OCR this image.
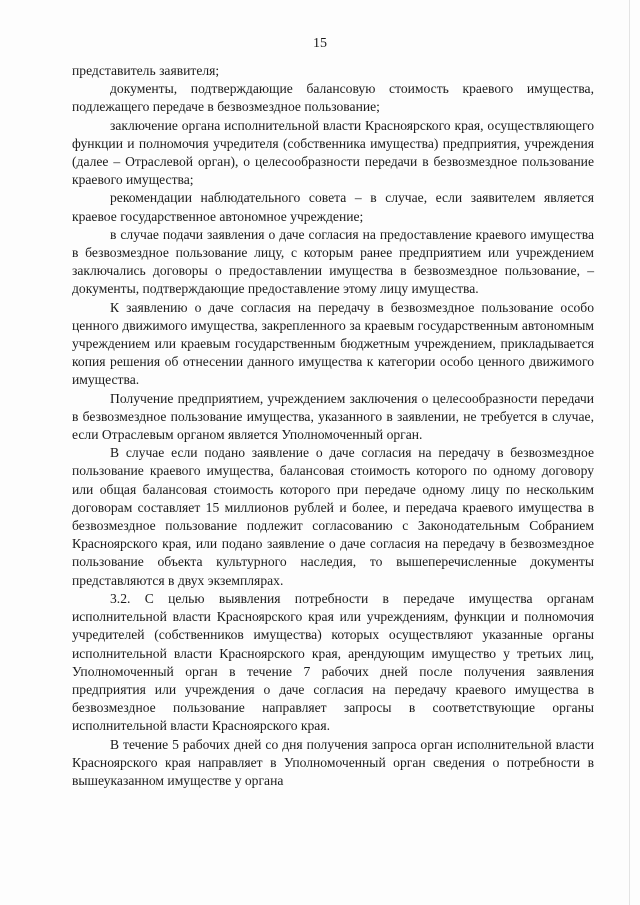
15

представитель заявителя;

документы, подтверждающие балансовую стоимость краевого имущества, подлежащего передаче в безвозмездное пользование;

заключение органа исполнительной власти Красноярского края, осуществляющего функции и полномочия учредителя (собственника имущества) предприятия, учреждения (далее – Отраслевой орган), о целесообразности передачи в безвозмездное пользование краевого имущества;

рекомендации наблюдательного совета – в случае, если заявителем является краевое государственное автономное учреждение;

в случае подачи заявления о даче согласия на предоставление краевого имущества в безвозмездное пользование лицу, с которым ранее предприятием или учреждением заключались договоры о предоставлении имущества в безвозмездное пользование, – документы, подтверждающие предоставление этому лицу имущества.

К заявлению о даче согласия на передачу в безвозмездное пользование особо ценного движимого имущества, закрепленного за краевым государственным автономным учреждением или краевым государственным бюджетным учреждением, прикладывается копия решения об отнесении данного имущества к категории особо ценного движимого имущества.

Получение предприятием, учреждением заключения о целесообразности передачи в безвозмездное пользование имущества, указанного в заявлении, не требуется в случае, если Отраслевым органом является Уполномоченный орган.

В случае если подано заявление о даче согласия на передачу в безвозмездное пользование краевого имущества, балансовая стоимость которого по одному договору или общая балансовая стоимость которого при передаче одному лицу по нескольким договорам составляет 15 миллионов рублей и более, и передача краевого имущества в безвозмездное пользование подлежит согласованию с Законодательным Собранием Красноярского края, или подано заявление о даче согласия на передачу в безвозмездное пользование объекта культурного наследия, то вышеперечисленные документы представляются в двух экземплярах.

3.2. С целью выявления потребности в передаче имущества органам исполнительной власти Красноярского края или учреждениям, функции и полномочия учредителей (собственников имущества) которых осуществляют указанные органы исполнительной власти Красноярского края, арендующим имущество у третьих лиц, Уполномоченный орган в течение 7 рабочих дней после получения заявления предприятия или учреждения о даче согласия на передачу краевого имущества в безвозмездное пользование направляет запросы в соответствующие органы исполнительной власти Красноярского края.

В течение 5 рабочих дней со дня получения запроса орган исполнительной власти Красноярского края направляет в Уполномоченный орган сведения о потребности в вышеуказанном имуществе у органа
